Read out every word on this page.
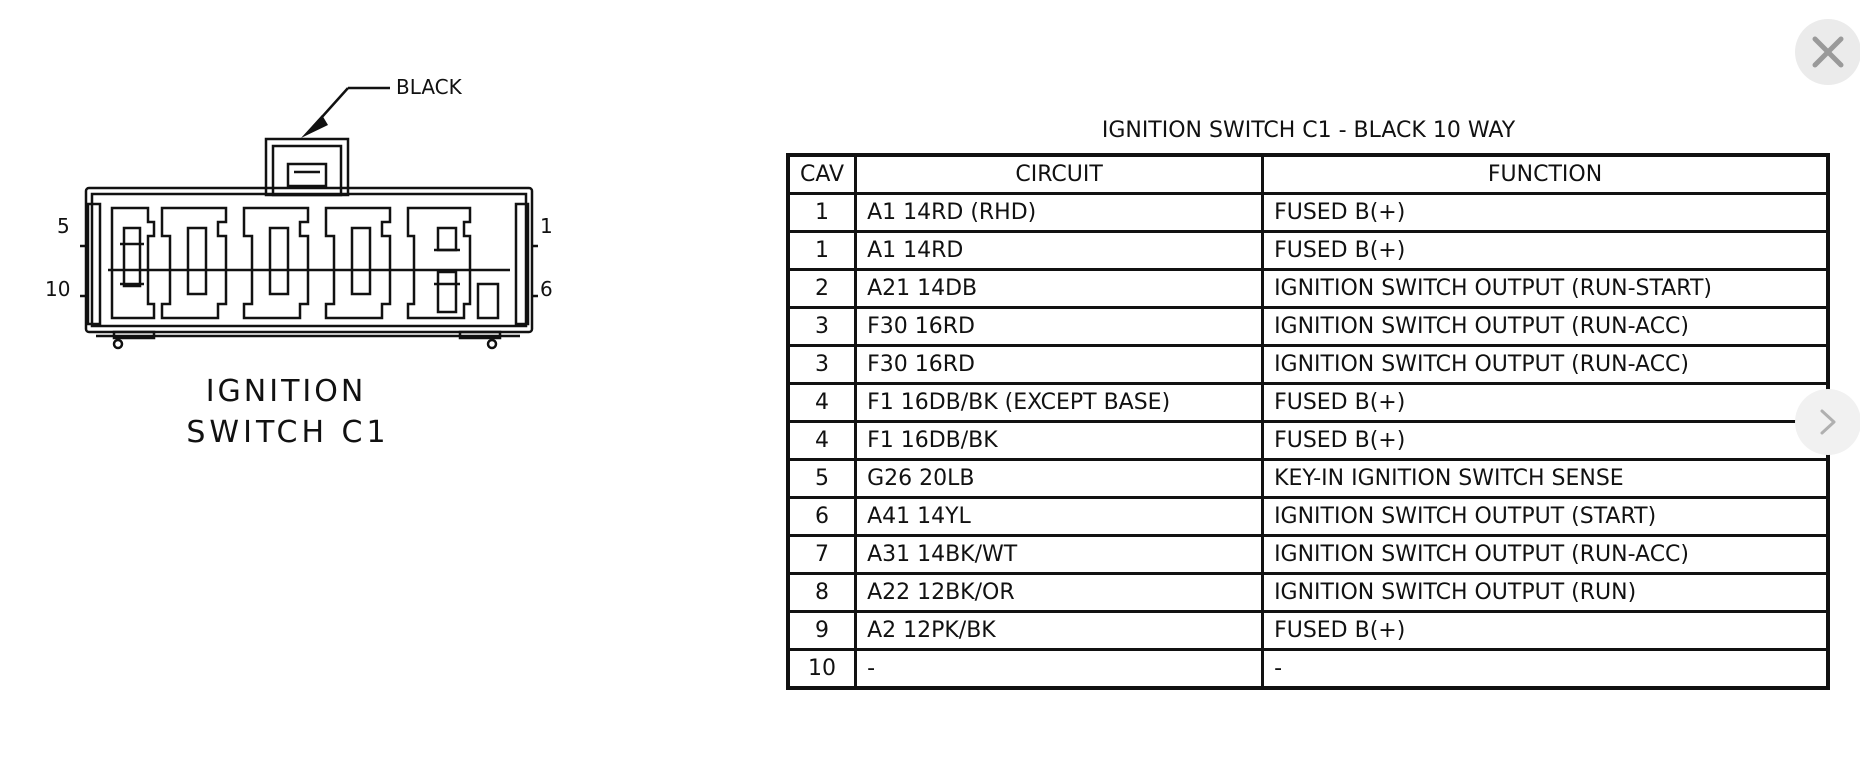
BLACK
5
10
1
6
IGNITION
SWITCH C1
IGNITION SWITCH C1 - BLACK 10 WAY
CAV	CIRCUIT	FUNCTION
1	A1 14RD (RHD)	FUSED B(+)
1	A1 14RD	FUSED B(+)
2	A21 14DB	IGNITION SWITCH OUTPUT (RUN-START)
3	F30 16RD	IGNITION SWITCH OUTPUT (RUN-ACC)
3	F30 16RD	IGNITION SWITCH OUTPUT (RUN-ACC)
4	F1 16DB/BK (EXCEPT BASE)	FUSED B(+)
4	F1 16DB/BK	FUSED B(+)
5	G26 20LB	KEY-IN IGNITION SWITCH SENSE
6	A41 14YL	IGNITION SWITCH OUTPUT (START)
7	A31 14BK/WT	IGNITION SWITCH OUTPUT (RUN-ACC)
8	A22 12BK/OR	IGNITION SWITCH OUTPUT (RUN)
9	A2 12PK/BK	FUSED B(+)
10	-	-
